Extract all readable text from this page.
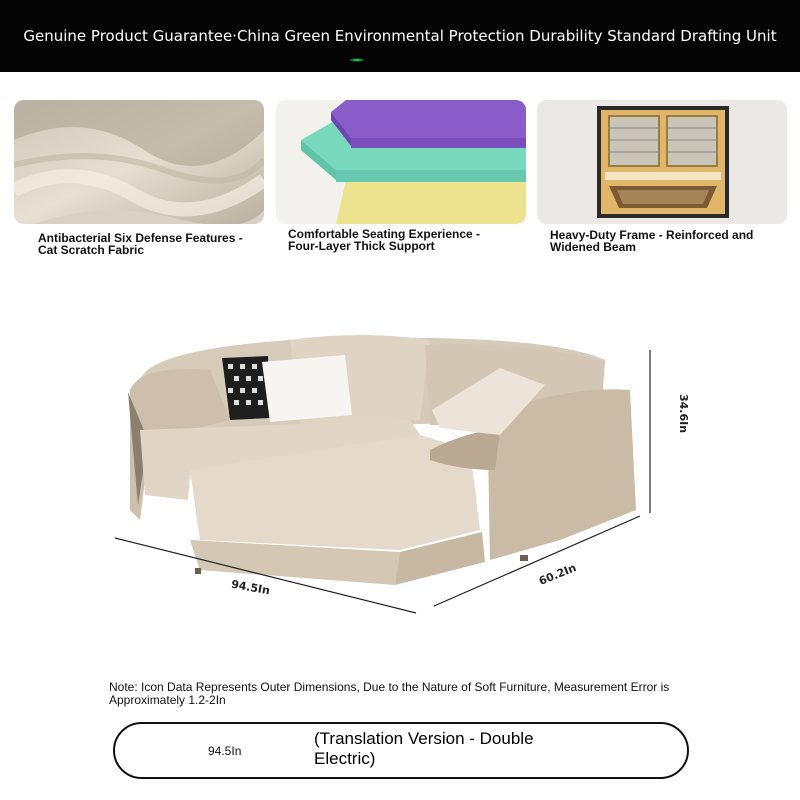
Genuine Product Guarantee·China Green Environmental Protection Durability Standard Drafting Unit
Antibacterial Six Defense Features - Cat Scratch Fabric
Comfortable Seating Experience - Four-Layer Thick Support
Heavy-Duty Frame - Reinforced and Widened Beam
94.5In	60.2In
34.6In
Note: Icon Data Represents Outer Dimensions, Due to the Nature of Soft Furniture, Measurement Error is Approximately 1.2-2In
94.5In
(Translation Version - Double Electric)
